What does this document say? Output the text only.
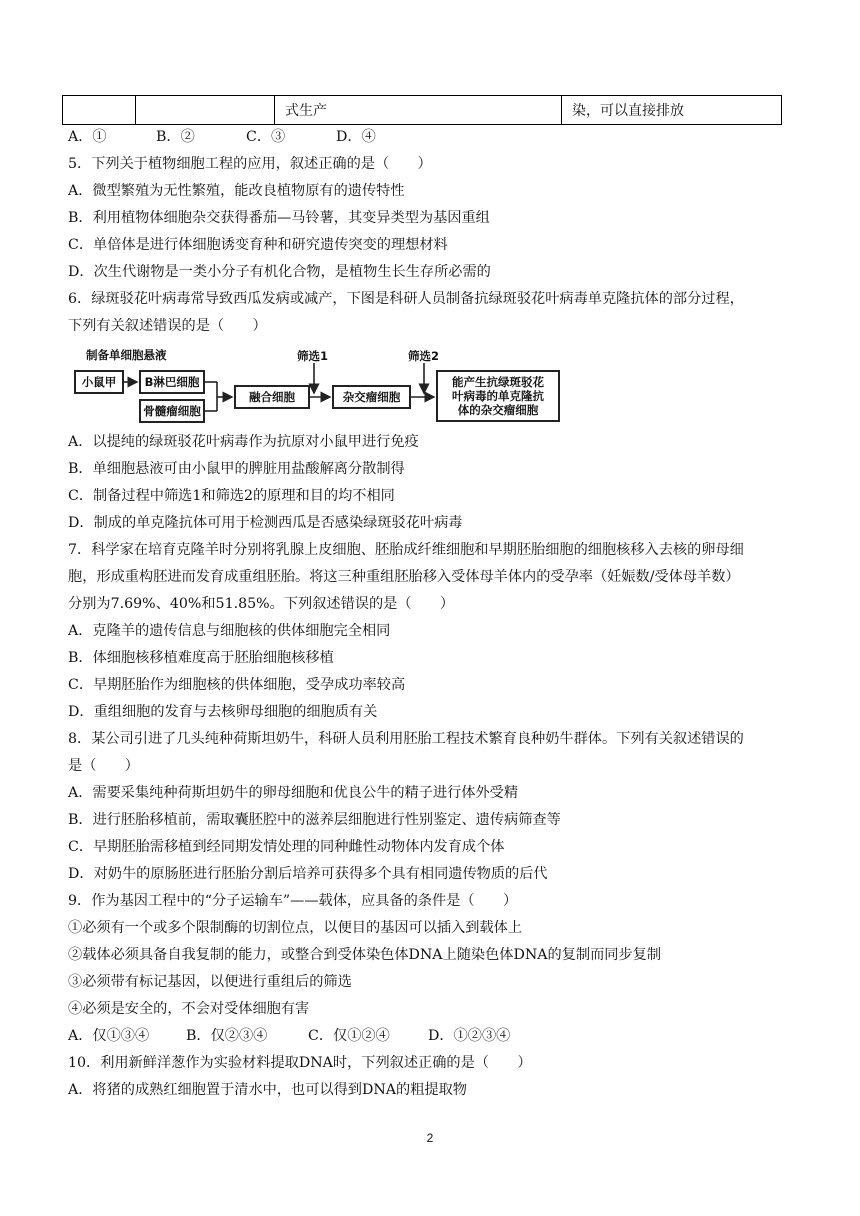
		式生产	染，可以直接排放
A．①	B．②	C．③	D．④
5．下列关于植物细胞工程的应用，叙述正确的是（　　）
A．微型繁殖为无性繁殖，能改良植物原有的遗传特性
B．利用植物体细胞杂交获得番茄—马铃薯，其变异类型为基因重组
C．单倍体是进行体细胞诱变育种和研究遗传突变的理想材料
D．次生代谢物是一类小分子有机化合物，是植物生长生存所必需的
6．绿斑驳花叶病毒常导致西瓜发病或减产，下图是科研人员制备抗绿斑驳花叶病毒单克隆抗体的部分过程，
下列有关叙述错误的是（　　）
制备单细胞悬液
小鼠甲	B淋巴细胞
骨髓瘤细胞
融合细胞
筛选1
杂交瘤细胞
筛选2
能产生抗绿斑驳花
叶病毒的单克隆抗
体的杂交瘤细胞
A．以提纯的绿斑驳花叶病毒作为抗原对小鼠甲进行免疫
B．单细胞悬液可由小鼠甲的脾脏用盐酸解离分散制得
C．制备过程中筛选1和筛选2的原理和目的均不相同
D．制成的单克隆抗体可用于检测西瓜是否感染绿斑驳花叶病毒
7．科学家在培育克隆羊时分别将乳腺上皮细胞、胚胎成纤维细胞和早期胚胎细胞的细胞核移入去核的卵母细
胞，形成重构胚进而发育成重组胚胎。将这三种重组胚胎移入受体母羊体内的受孕率（妊娠数/受体母羊数）
分别为7.69%、40%和51.85%。下列叙述错误的是（　　）
A．克隆羊的遗传信息与细胞核的供体细胞完全相同
B．体细胞核移植难度高于胚胎细胞核移植
C．早期胚胎作为细胞核的供体细胞，受孕成功率较高
D．重组细胞的发育与去核卵母细胞的细胞质有关
8．某公司引进了几头纯种荷斯坦奶牛，科研人员利用胚胎工程技术繁育良种奶牛群体。下列有关叙述错误的
是（　　）
A．需要采集纯种荷斯坦奶牛的卵母细胞和优良公牛的精子进行体外受精
B．进行胚胎移植前，需取囊胚腔中的滋养层细胞进行性别鉴定、遗传病筛查等
C．早期胚胎需移植到经同期发情处理的同种雌性动物体内发育成个体
D．对奶牛的原肠胚进行胚胎分割后培养可获得多个具有相同遗传物质的后代
9．作为基因工程中的“分子运输车”——载体，应具备的条件是（　　）
①必须有一个或多个限制酶的切割位点，以便目的基因可以插入到载体上
②载体必须具备自我复制的能力，或整合到受体染色体DNA上随染色体DNA的复制而同步复制
③必须带有标记基因，以便进行重组后的筛选
④必须是安全的，不会对受体细胞有害
A．仅①③④	B．仅②③④	C．仅①②④	D．①②③④
10．利用新鲜洋葱作为实验材料提取DNA时，下列叙述正确的是（　　）
A．将猪的成熟红细胞置于清水中，也可以得到DNA的粗提取物
2
